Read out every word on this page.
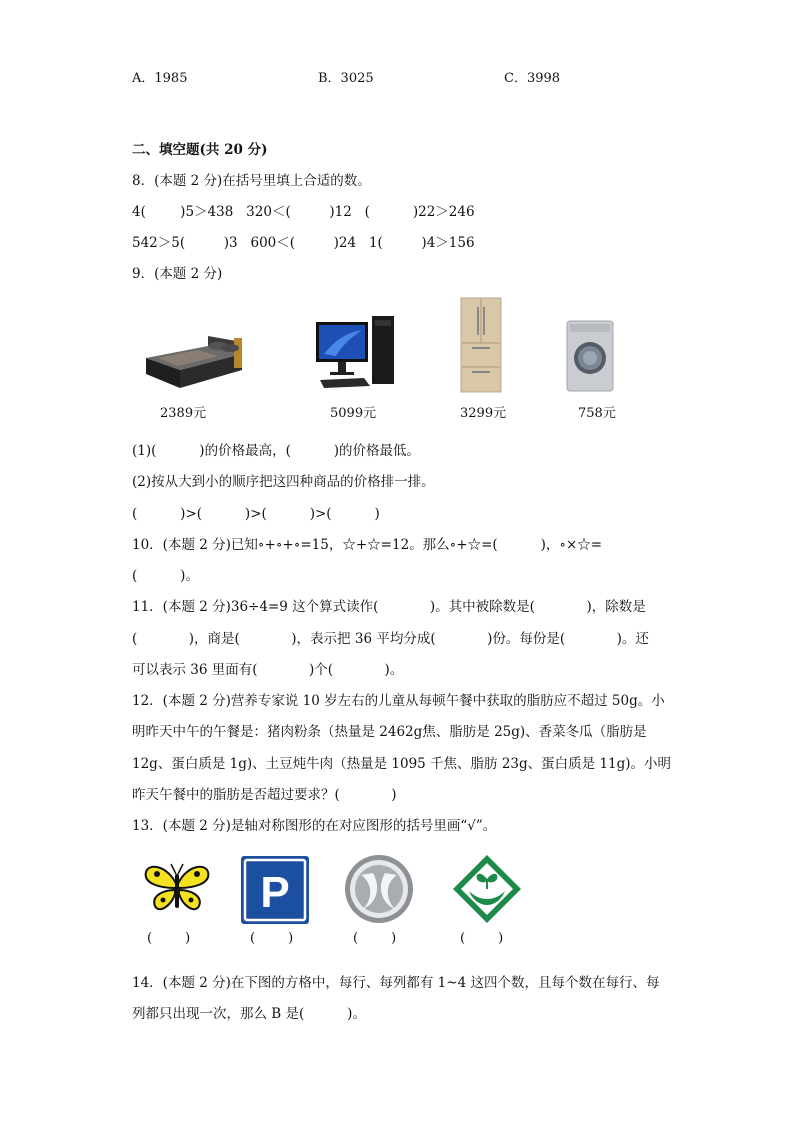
A．1985	B．3025	C．3998
二、填空题(共 20 分)
8．(本题 2 分)在括号里填上合适的数。
4(        )5＞438   320＜(         )12   (          )22＞246
542＞5(         )3   600＜(         )24   1(         )4＞156
9．(本题 2 分)
2389元	5099元	3299元	758元
(1)(          )的价格最高，(          )的价格最低。
(2)按从大到小的顺序把这四种商品的价格排一排。
(          )>(          )>(          )>(          )
10．(本题 2 分)已知∘+∘+∘=15，☆+☆=12。那么∘+☆=(          )，∘×☆=
(          )。
11．(本题 2 分)36÷4=9 这个算式读作(            )。其中被除数是(            )，除数是
(            )，商是(            )，表示把 36 平均分成(            )份。每份是(            )。还
可以表示 36 里面有(            )个(            )。
12．(本题 2 分)营养专家说 10 岁左右的儿童从每顿午餐中获取的脂肪应不超过 50g。小
明昨天中午的午餐是：猪肉粉条（热量是 2462g焦、脂肪是 25g)、香菜冬瓜（脂肪是
12g、蛋白质是 1g)、土豆炖牛肉（热量是 1095 千焦、脂肪 23g、蛋白质是 11g)。小明
昨天午餐中的脂肪是否超过要求？(            )
13．(本题 2 分)是轴对称图形的在对应图形的括号里画“√”。
P
(        )	(        )	(        )	(        )
14．(本题 2 分)在下图的方格中，每行、每列都有 1~4 这四个数，且每个数在每行、每
列都只出现一次，那么 B 是(          )。
